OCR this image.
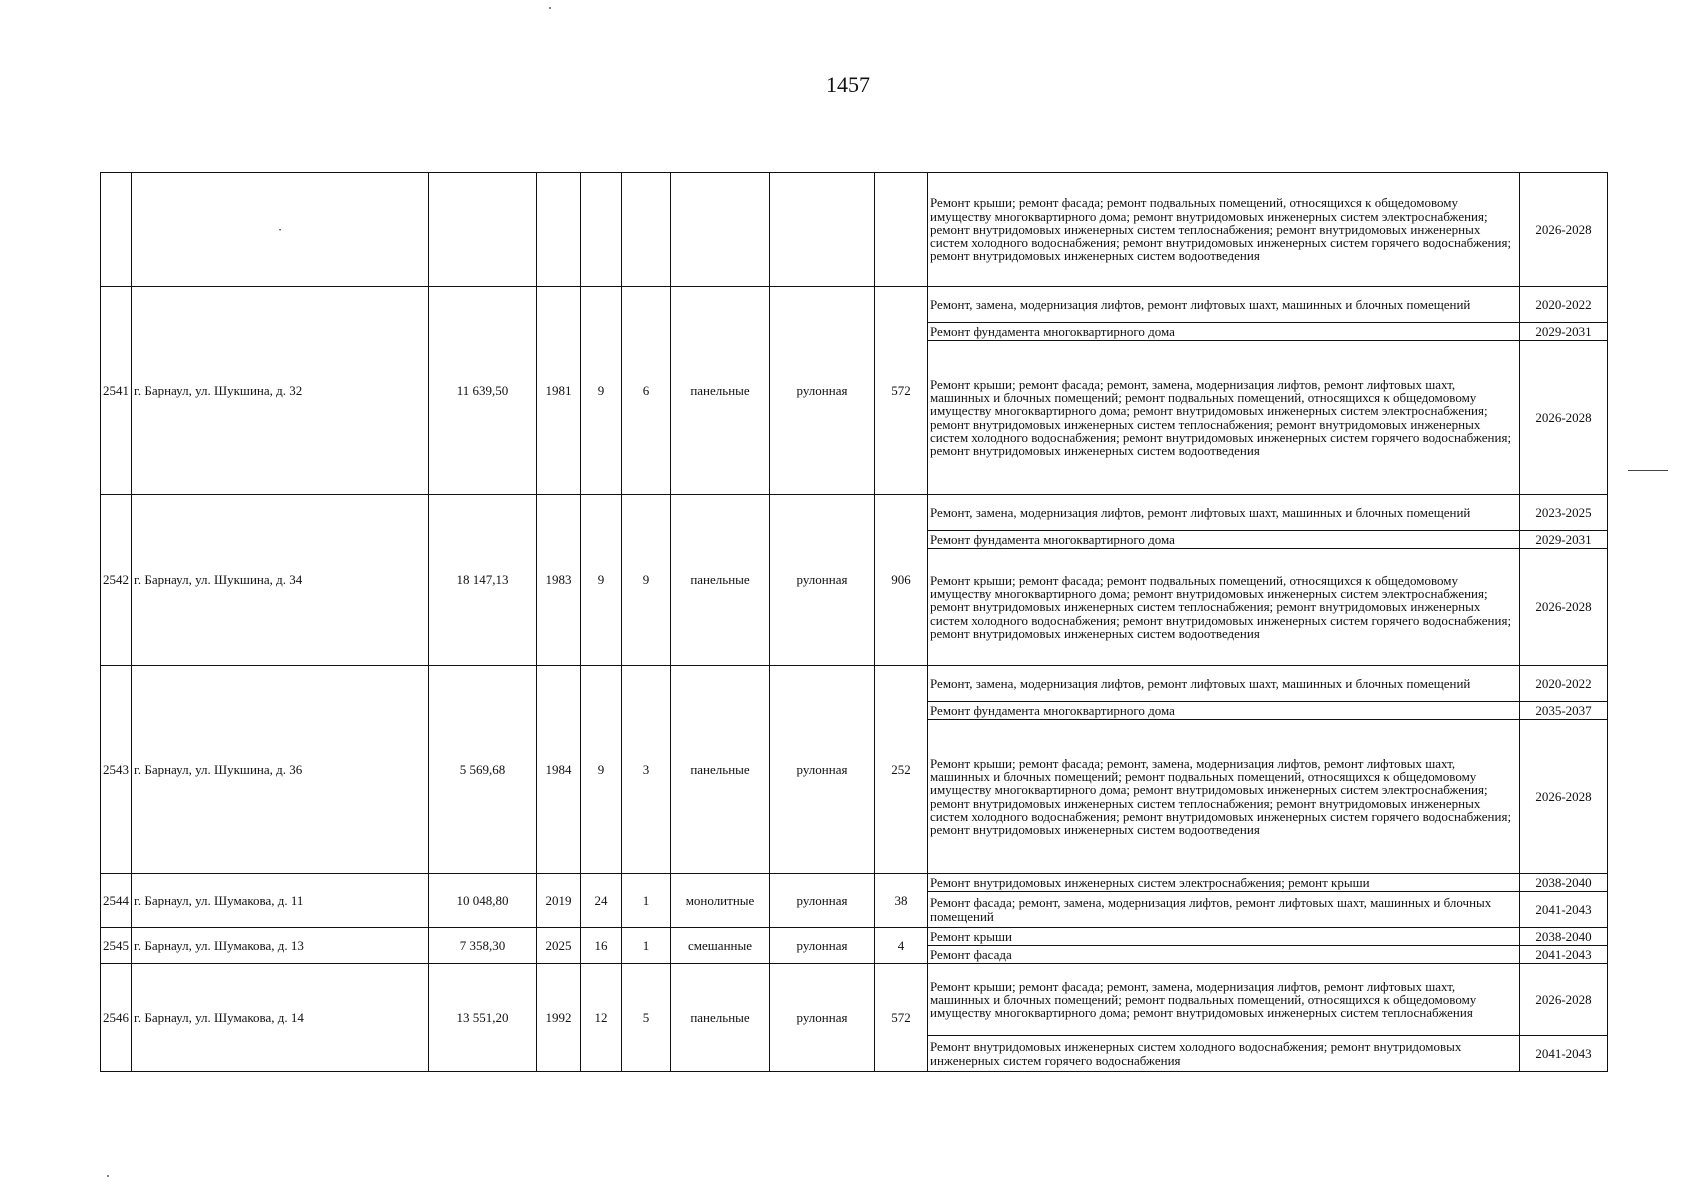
1457
	·								Ремонт крыши; ремонт фасада; ремонт подвальных помещений, относящихся к общедомовому имуществу многоквартирного дома; ремонт внутридомовых инженерных систем электроснабжения; ремонт внутридомовых инженерных систем теплоснабжения; ремонт внутридомовых инженерных систем холодного водоснабжения; ремонт внутридомовых инженерных систем горячего водоснабжения; ремонт внутридомовых инженерных систем водоотведения	2026-2028
2541	г. Барнаул, ул. Шукшина, д. 32	11 639,50	1981	9	6	панельные	рулонная	572	Ремонт, замена, модернизация лифтов, ремонт лифтовых шахт, машинных и блочных помещений	2020-2022
									Ремонт фундамента многоквартирного дома	2029-2031
									Ремонт крыши; ремонт фасада; ремонт, замена, модернизация лифтов, ремонт лифтовых шахт, машинных и блочных помещений; ремонт подвальных помещений, относящихся к общедомовому имуществу многоквартирного дома; ремонт внутридомовых инженерных систем электроснабжения; ремонт внутридомовых инженерных систем теплоснабжения; ремонт внутридомовых инженерных систем холодного водоснабжения; ремонт внутридомовых инженерных систем горячего водоснабжения; ремонт внутридомовых инженерных систем водоотведения	2026-2028
2542	г. Барнаул, ул. Шукшина, д. 34	18 147,13	1983	9	9	панельные	рулонная	906	Ремонт, замена, модернизация лифтов, ремонт лифтовых шахт, машинных и блочных помещений	2023-2025
									Ремонт фундамента многоквартирного дома	2029-2031
									Ремонт крыши; ремонт фасада; ремонт подвальных помещений, относящихся к общедомовому имуществу многоквартирного дома; ремонт внутридомовых инженерных систем электроснабжения; ремонт внутридомовых инженерных систем теплоснабжения; ремонт внутридомовых инженерных систем холодного водоснабжения; ремонт внутридомовых инженерных систем горячего водоснабжения; ремонт внутридомовых инженерных систем водоотведения	2026-2028
2543	г. Барнаул, ул. Шукшина, д. 36	5 569,68	1984	9	3	панельные	рулонная	252	Ремонт, замена, модернизация лифтов, ремонт лифтовых шахт, машинных и блочных помещений	2020-2022
									Ремонт фундамента многоквартирного дома	2035-2037
									Ремонт крыши; ремонт фасада; ремонт, замена, модернизация лифтов, ремонт лифтовых шахт, машинных и блочных помещений; ремонт подвальных помещений, относящихся к общедомовому имуществу многоквартирного дома; ремонт внутридомовых инженерных систем электроснабжения; ремонт внутридомовых инженерных систем теплоснабжения; ремонт внутридомовых инженерных систем холодного водоснабжения; ремонт внутридомовых инженерных систем горячего водоснабжения; ремонт внутридомовых инженерных систем водоотведения	2026-2028
2544	г. Барнаул, ул. Шумакова, д. 11	10 048,80	2019	24	1	монолитные	рулонная	38	Ремонт внутридомовых инженерных систем электроснабжения; ремонт крыши	2038-2040
									Ремонт фасада; ремонт, замена, модернизация лифтов, ремонт лифтовых шахт, машинных и блочных помещений	2041-2043
2545	г. Барнаул, ул. Шумакова, д. 13	7 358,30	2025	16	1	смешанные	рулонная	4	Ремонт крыши	2038-2040
									Ремонт фасада	2041-2043
2546	г. Барнаул, ул. Шумакова, д. 14	13 551,20	1992	12	5	панельные	рулонная	572	Ремонт крыши; ремонт фасада; ремонт, замена, модернизация лифтов, ремонт лифтовых шахт, машинных и блочных помещений; ремонт подвальных помещений, относящихся к общедомовому имуществу многоквартирного дома; ремонт внутридомовых инженерных систем теплоснабжения	2026-2028
									Ремонт внутридомовых инженерных систем холодного водоснабжения; ремонт внутридомовых инженерных систем горячего водоснабжения	2041-2043
